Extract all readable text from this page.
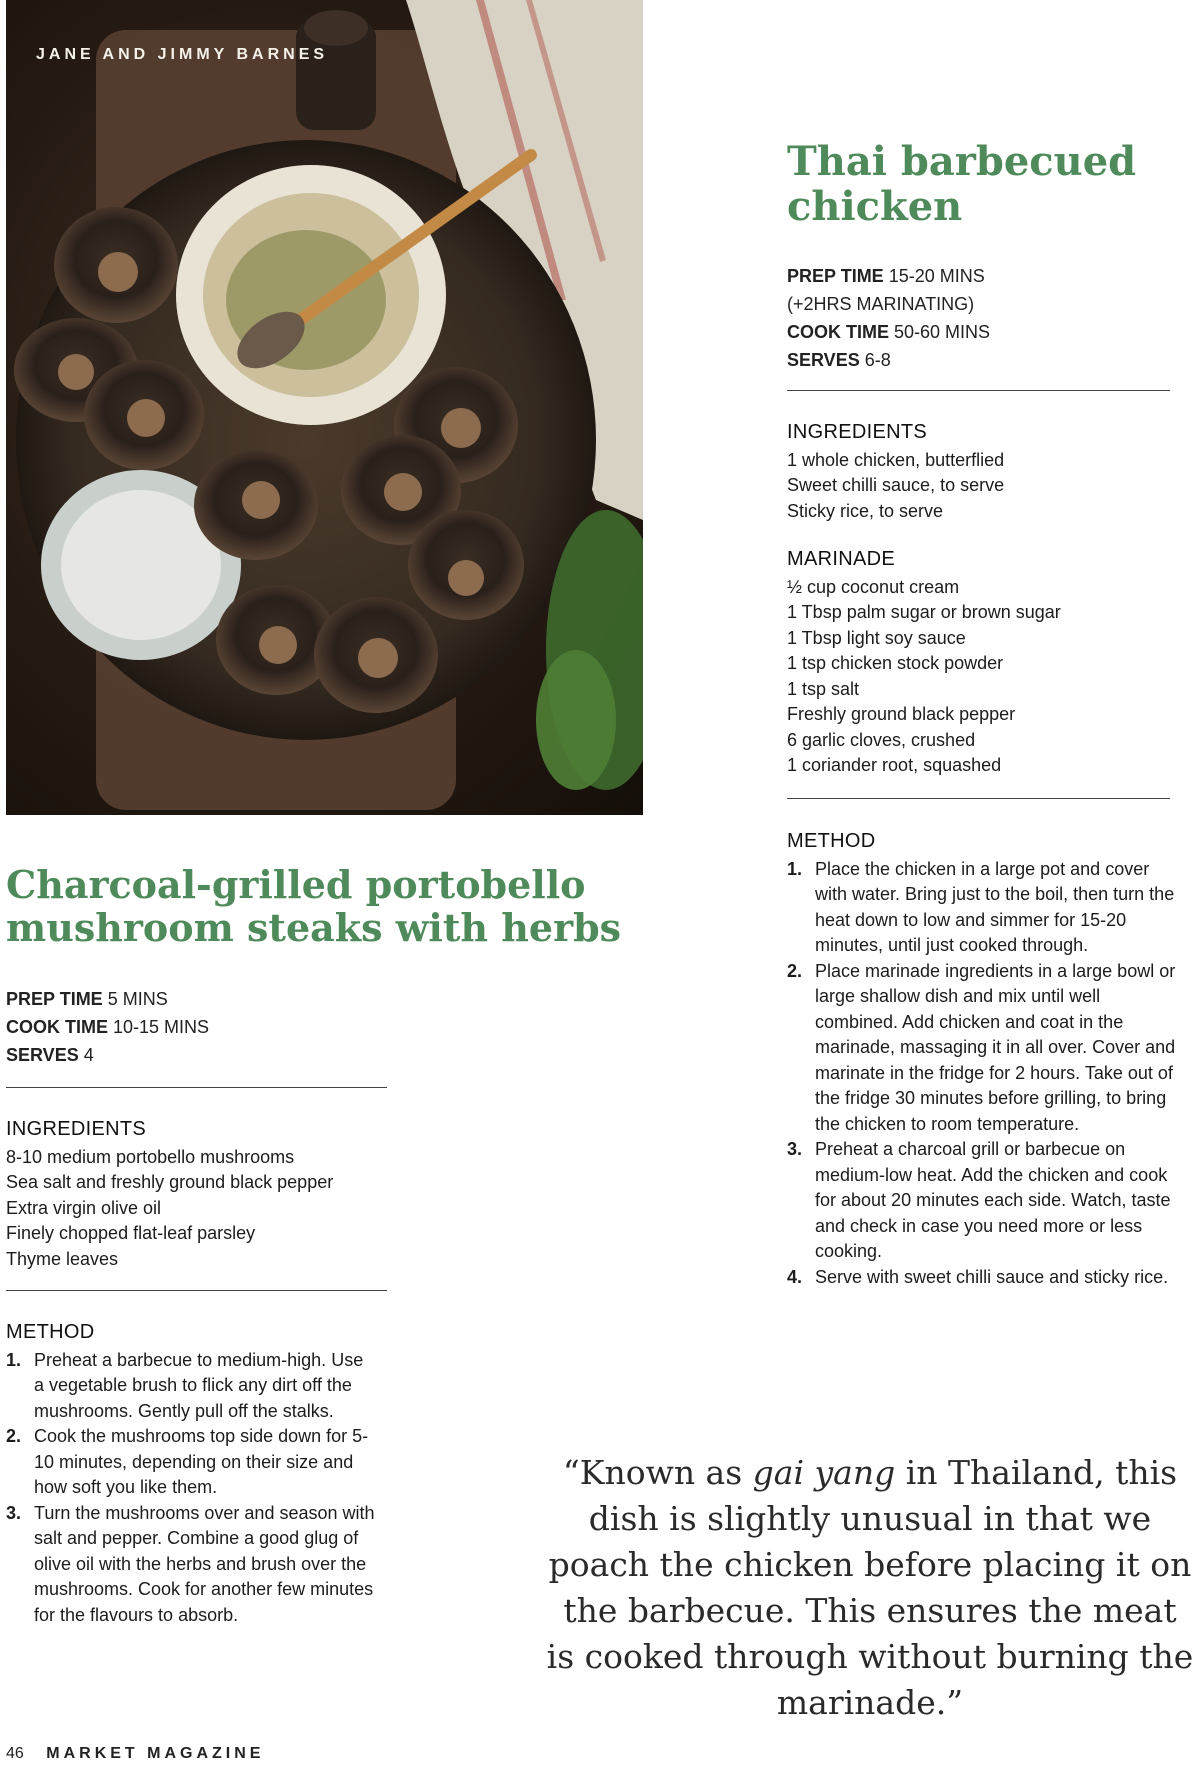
JANE AND JIMMY BARNES
Thai barbecued chicken
PREP TIME 15-20 MINS
(+2HRS MARINATING)
COOK TIME 50-60 MINS
SERVES 6-8
INGREDIENTS
1 whole chicken, butterflied
Sweet chilli sauce, to serve
Sticky rice, to serve
MARINADE
½ cup coconut cream
1 Tbsp palm sugar or brown sugar
1 Tbsp light soy sauce
1 tsp chicken stock powder
1 tsp salt
Freshly ground black pepper
6 garlic cloves, crushed
1 coriander root, squashed
METHOD
1. Place the chicken in a large pot and cover with water. Bring just to the boil, then turn the heat down to low and simmer for 15-20 minutes, until just cooked through.
2. Place marinade ingredients in a large bowl or large shallow dish and mix until well combined. Add chicken and coat in the marinade, massaging it in all over. Cover and marinate in the fridge for 2 hours. Take out of the fridge 30 minutes before grilling, to bring the chicken to room temperature.
3. Preheat a charcoal grill or barbecue on medium-low heat. Add the chicken and cook for about 20 minutes each side. Watch, taste and check in case you need more or less cooking.
4. Serve with sweet chilli sauce and sticky rice.
Charcoal-grilled portobello mushroom steaks with herbs
PREP TIME 5 MINS
COOK TIME 10-15 MINS
SERVES 4
INGREDIENTS
8-10 medium portobello mushrooms
Sea salt and freshly ground black pepper
Extra virgin olive oil
Finely chopped flat-leaf parsley
Thyme leaves
METHOD
1. Preheat a barbecue to medium-high. Use a vegetable brush to flick any dirt off the mushrooms. Gently pull off the stalks.
2. Cook the mushrooms top side down for 5-10 minutes, depending on their size and how soft you like them.
3. Turn the mushrooms over and season with salt and pepper. Combine a good glug of olive oil with the herbs and brush over the mushrooms. Cook for another few minutes for the flavours to absorb.
“Known as gai yang in Thailand, this dish is slightly unusual in that we poach the chicken before placing it on the barbecue. This ensures the meat is cooked through without burning the marinade.”
46 MARKET MAGAZINE
